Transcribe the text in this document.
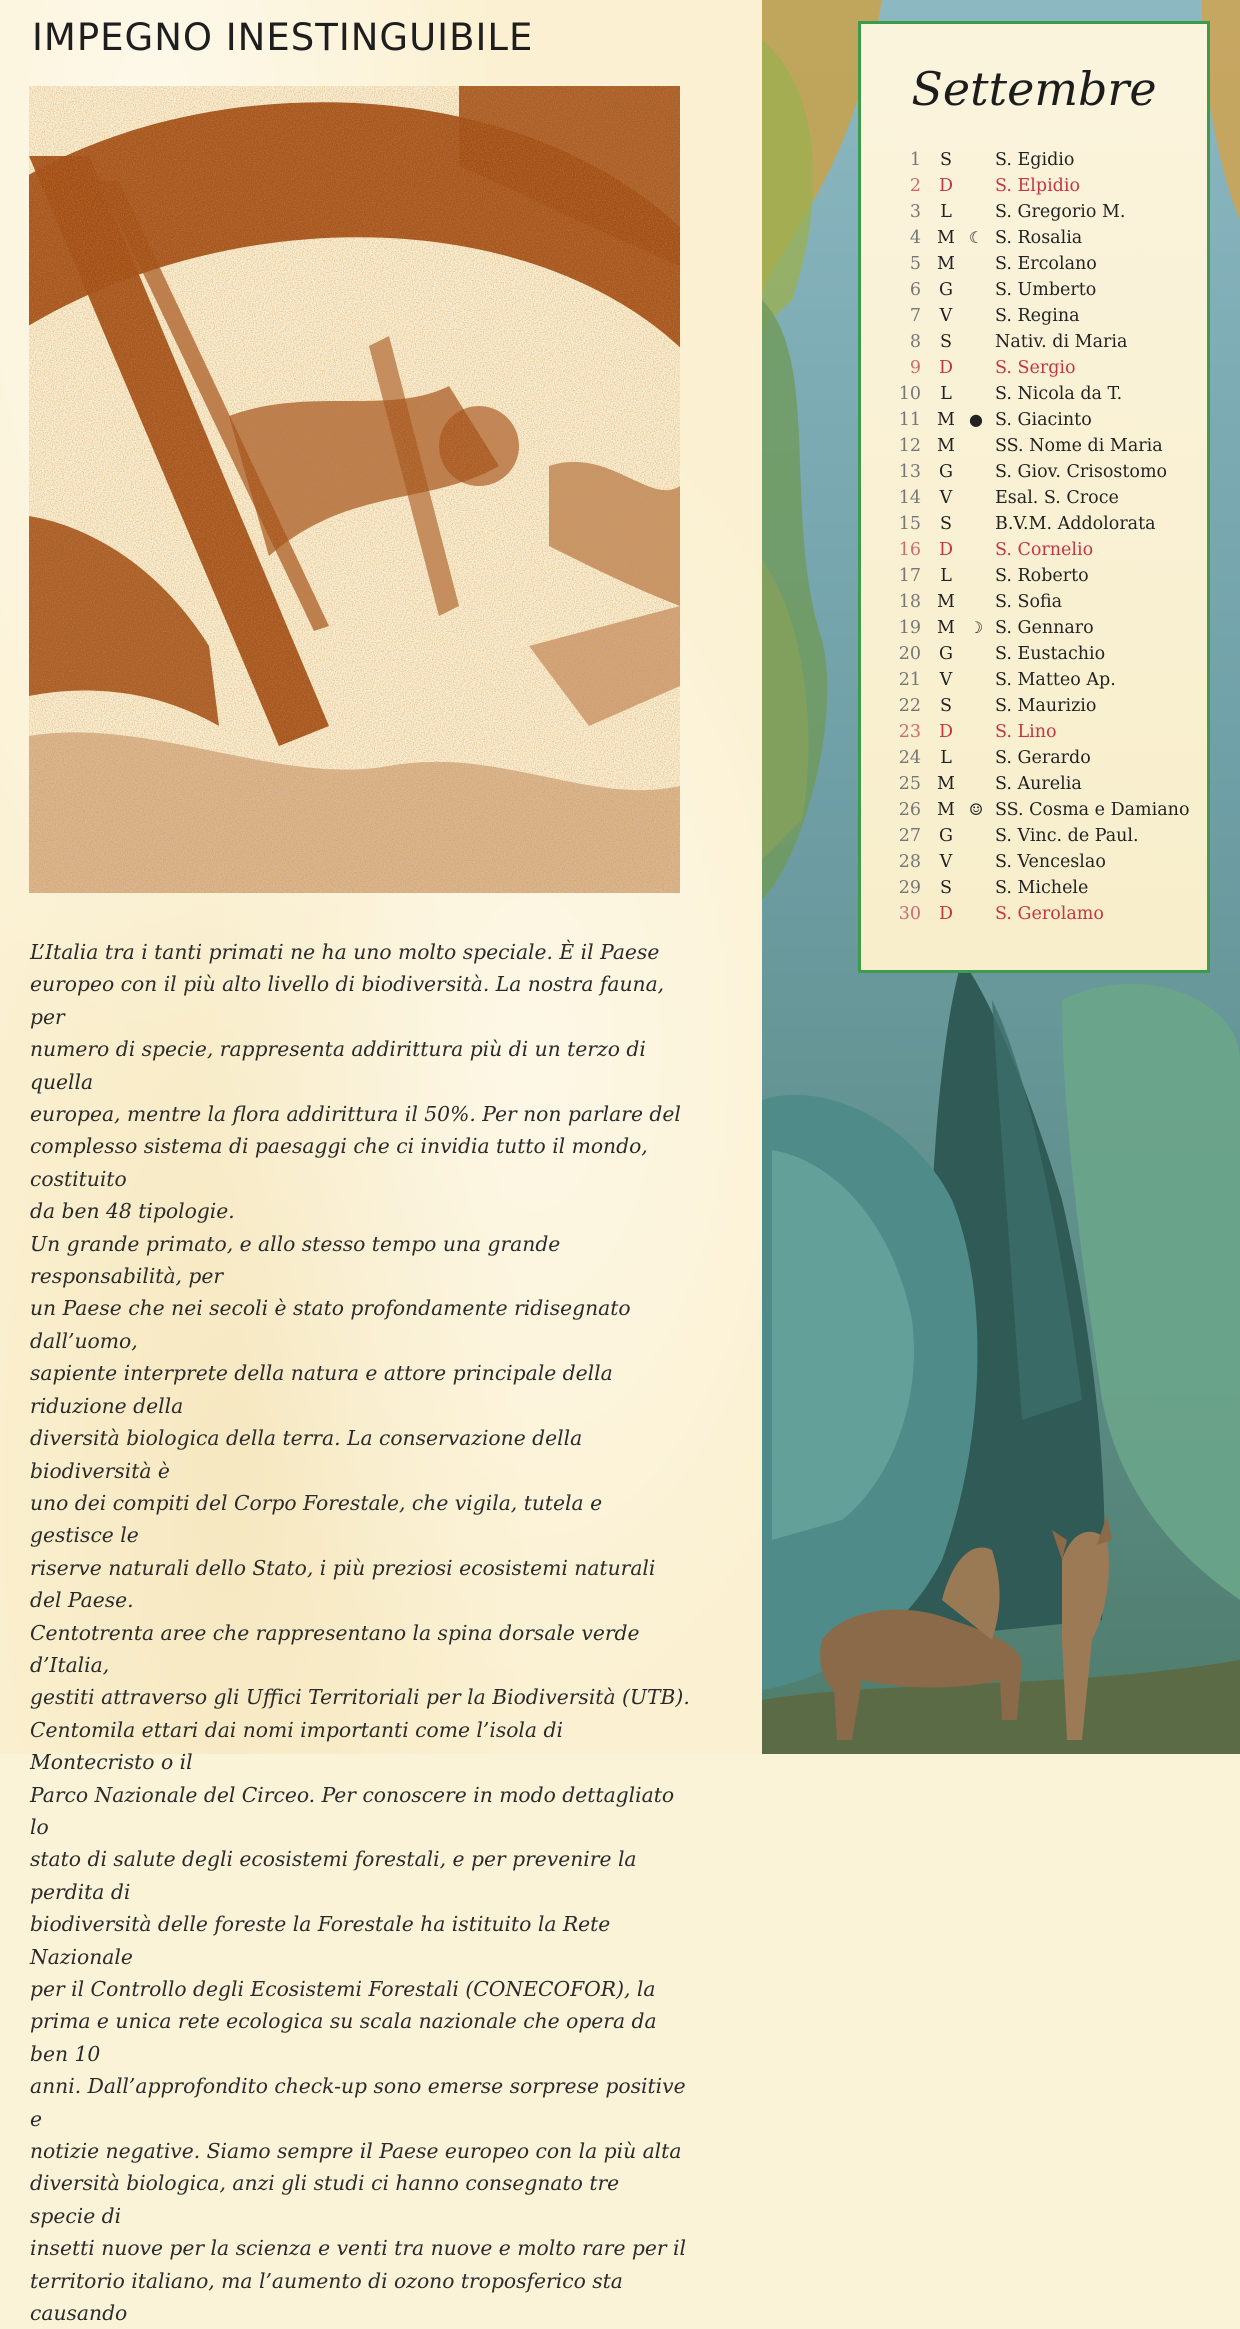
IMPEGNO INESTINGUIBILE

L’Italia tra i tanti primati ne ha uno molto speciale. È il Paese
europeo con il più alto livello di biodiversità. La nostra fauna, per
numero di specie, rappresenta addirittura più di un terzo di quella
europea, mentre la flora addirittura il 50%. Per non parlare del
complesso sistema di paesaggi che ci invidia tutto il mondo, costituito
da ben 48 tipologie.
Un grande primato, e allo stesso tempo una grande responsabilità, per
un Paese che nei secoli è stato profondamente ridisegnato dall’uomo,
sapiente interprete della natura e attore principale della riduzione della
diversità biologica della terra. La conservazione della biodiversità è
uno dei compiti del Corpo Forestale, che vigila, tutela e gestisce le
riserve naturali dello Stato, i più preziosi ecosistemi naturali del Paese.
Centotrenta aree che rappresentano la spina dorsale verde d’Italia,
gestiti attraverso gli Uffici Territoriali per la Biodiversità (UTB).
Centomila ettari dai nomi importanti come l’isola di Montecristo o il
Parco Nazionale del Circeo. Per conoscere in modo dettagliato lo
stato di salute degli ecosistemi forestali, e per prevenire la perdita di
biodiversità delle foreste la Forestale ha istituito la Rete Nazionale
per il Controllo degli Ecosistemi Forestali (CONECOFOR), la
prima e unica rete ecologica su scala nazionale che opera da ben 10
anni. Dall’approfondito check-up sono emerse sorprese positive e
notizie negative. Siamo sempre il Paese europeo con la più alta
diversità biologica, anzi gli studi ci hanno consegnato tre specie di
insetti nuove per la scienza e venti tra nuove e molto rare per il
territorio italiano, ma l’aumento di ozono troposferico sta causando

Settembre
1	S	S. Egidio
2 D S. Elpidio
3	L	S. Gregorio M.
4 M ☾ S. Rosalia
5 M S. Ercolano
6 G S. Umberto
7	V	S. Regina
8	S	Nativ. di Maria
9 D S. Sergio
10	L	S. Nicola da T.
11 M ● S. Giacinto
12 M SS. Nome di Maria
13 G S. Giov. Crisostomo
14	V	Esal. S. Croce
15	S	B.V.M. Addolorata
16 D S. Cornelio
17	L	S. Roberto
18 M S. Sofia
19 M ☽ S. Gennaro
20 G S. Eustachio
21	V	S. Matteo Ap.
22	S	S. Maurizio
23 D S. Lino
24	L	S. Gerardo
25 M S. Aurelia
26 M ☺ SS. Cosma e Damiano
27 G S. Vinc. de Paul.
28	V	S. Venceslao
29	S	S. Michele
30 D S. Gerolamo
